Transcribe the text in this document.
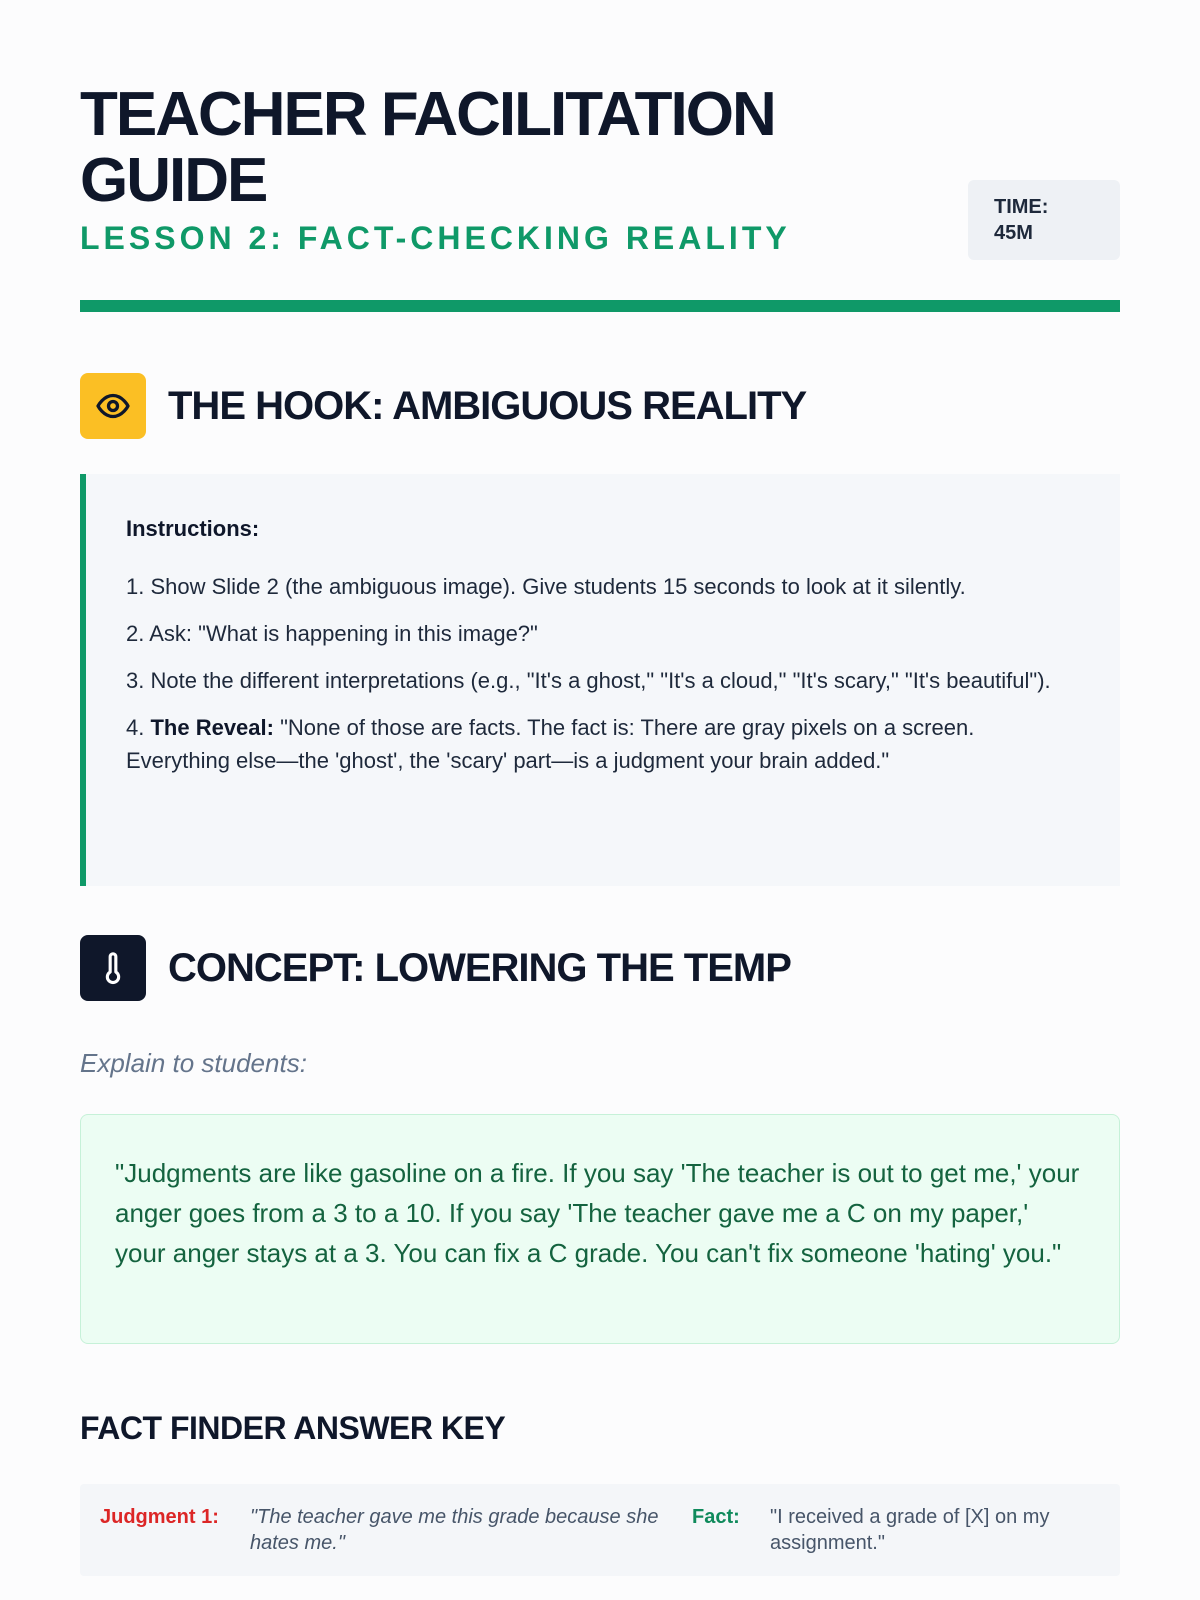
TEACHER FACILITATION GUIDE

LESSON 2: FACT-CHECKING REALITY

TIME:
45M
THE HOOK: AMBIGUOUS REALITY

Instructions:

1. Show Slide 2 (the ambiguous image). Give students 15 seconds to look at it silently.
2. Ask: "What is happening in this image?"
3. Note the different interpretations (e.g., "It's a ghost," "It's a cloud," "It's scary," "It's beautiful").
4. The Reveal: "None of those are facts. The fact is: There are gray pixels on a screen. Everything else—the 'ghost', the 'scary' part—is a judgment your brain added."
CONCEPT: LOWERING THE TEMP

Explain to students:

"Judgments are like gasoline on a fire. If you say 'The teacher is out to get me,' your anger goes from a 3 to a 10. If you say 'The teacher gave me a C on my paper,' your anger stays at a 3. You can fix a C grade. You can't fix someone 'hating' you."

FACT FINDER ANSWER KEY
Judgment 1:	"The teacher gave me this grade because she hates me."
Fact:	"I received a grade of [X] on my assignment."
